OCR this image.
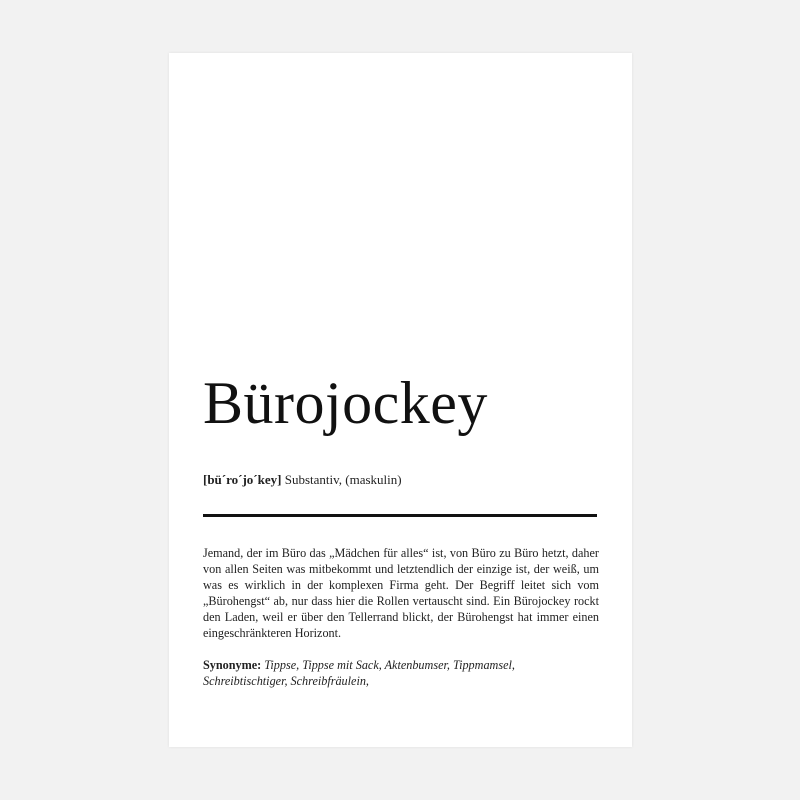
Bürojockey
[bü´ro´jo´key] Substantiv, (maskulin)

Jemand, der im Büro das „Mädchen für alles“ ist, von Büro zu Büro hetzt, daher von allen Seiten was mitbekommt und letztendlich der einzige ist, der weiß, um was es wirklich in der komplexen Firma geht. Der Begriff leitet sich vom „Bürohengst“ ab, nur dass hier die Rollen vertauscht sind. Ein Bürojockey rockt den Laden, weil er über den Tellerrand blickt, der Bürohengst hat immer einen eingeschränkteren Horizont.

Synonyme: Tippse, Tippse mit Sack, Aktenbumser, Tippmamsel, Schreibtischtiger, Schreibfräulein,
